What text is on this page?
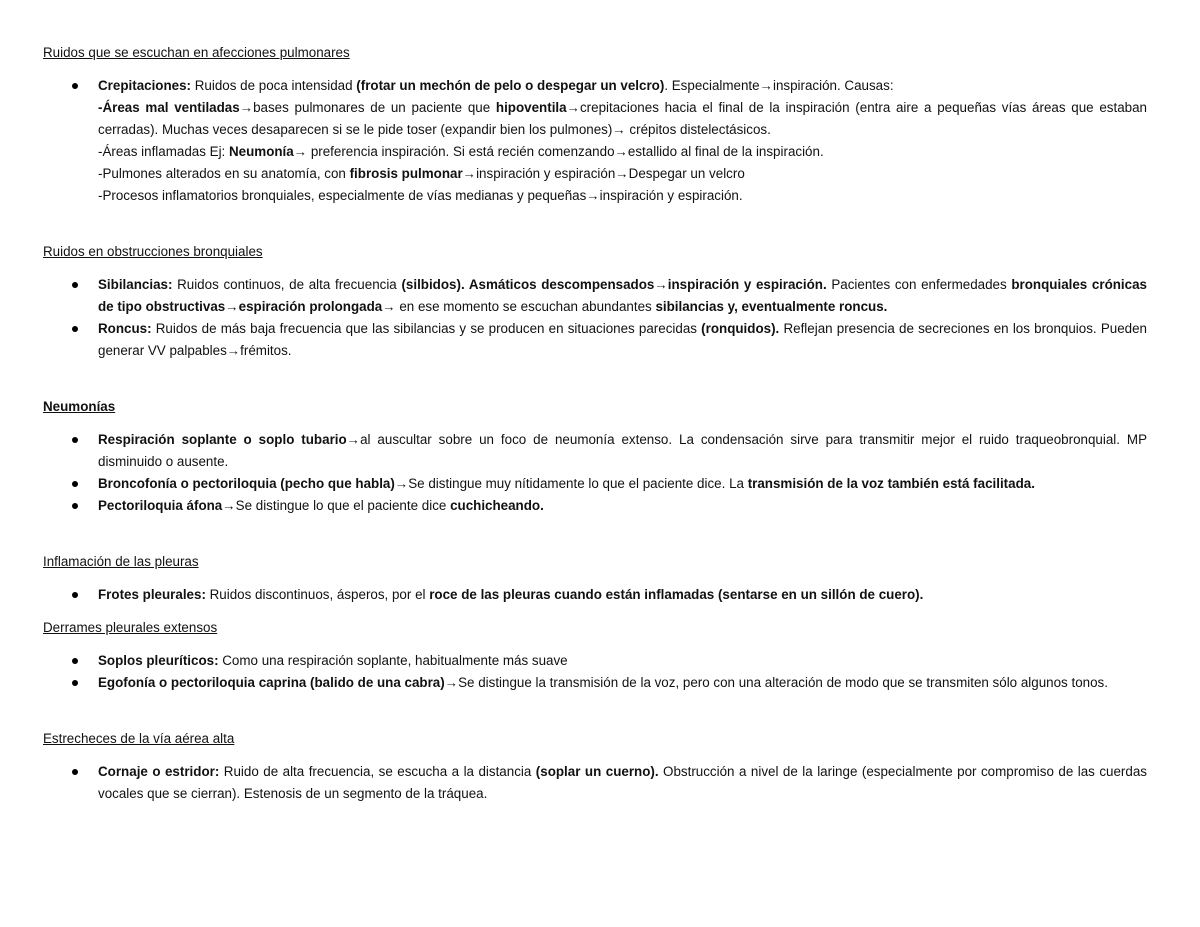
Ruidos que se escuchan en afecciones pulmonares
Crepitaciones: Ruidos de poca intensidad (frotar un mechón de pelo o despegar un velcro). Especialmente→inspiración. Causas:
-Áreas mal ventiladas→bases pulmonares de un paciente que hipoventila→crepitaciones hacia el final de la inspiración (entra aire a pequeñas vías áreas que estaban cerradas). Muchas veces desaparecen si se le pide toser (expandir bien los pulmones)→ crépitos distelectásicos.
-Áreas inflamadas Ej: Neumonía→ preferencia inspiración. Si está recién comenzando→estallido al final de la inspiración.
-Pulmones alterados en su anatomía, con fibrosis pulmonar→inspiración y espiración→Despegar un velcro
-Procesos inflamatorios bronquiales, especialmente de vías medianas y pequeñas→inspiración y espiración.
Ruidos en obstrucciones bronquiales
Sibilancias: Ruidos continuos, de alta frecuencia (silbidos). Asmáticos descompensados→inspiración y espiración. Pacientes con enfermedades bronquiales crónicas de tipo obstructivas→espiración prolongada→ en ese momento se escuchan abundantes sibilancias y, eventualmente roncus.
Roncus: Ruidos de más baja frecuencia que las sibilancias y se producen en situaciones parecidas (ronquidos). Reflejan presencia de secreciones en los bronquios. Pueden generar VV palpables→frémitos.
Neumonías
Respiración soplante o soplo tubario→al auscultar sobre un foco de neumonía extenso. La condensación sirve para transmitir mejor el ruido traqueobronquial. MP disminuido o ausente.
Broncofonía o pectoriloquia (pecho que habla)→Se distingue muy nítidamente lo que el paciente dice. La transmisión de la voz también está facilitada.
Pectoriloquia áfona→Se distingue lo que el paciente dice cuchicheando.
Inflamación de las pleuras
Frotes pleurales: Ruidos discontinuos, ásperos, por el roce de las pleuras cuando están inflamadas (sentarse en un sillón de cuero).
Derrames pleurales extensos
Soplos pleuríticos: Como una respiración soplante, habitualmente más suave
Egofonía o pectoriloquia caprina (balido de una cabra)→Se distingue la transmisión de la voz, pero con una alteración de modo que se transmiten sólo algunos tonos.
Estrecheces de la vía aérea alta
Cornaje o estridor: Ruido de alta frecuencia, se escucha a la distancia (soplar un cuerno). Obstrucción a nivel de la laringe (especialmente por compromiso de las cuerdas vocales que se cierran). Estenosis de un segmento de la tráquea.
